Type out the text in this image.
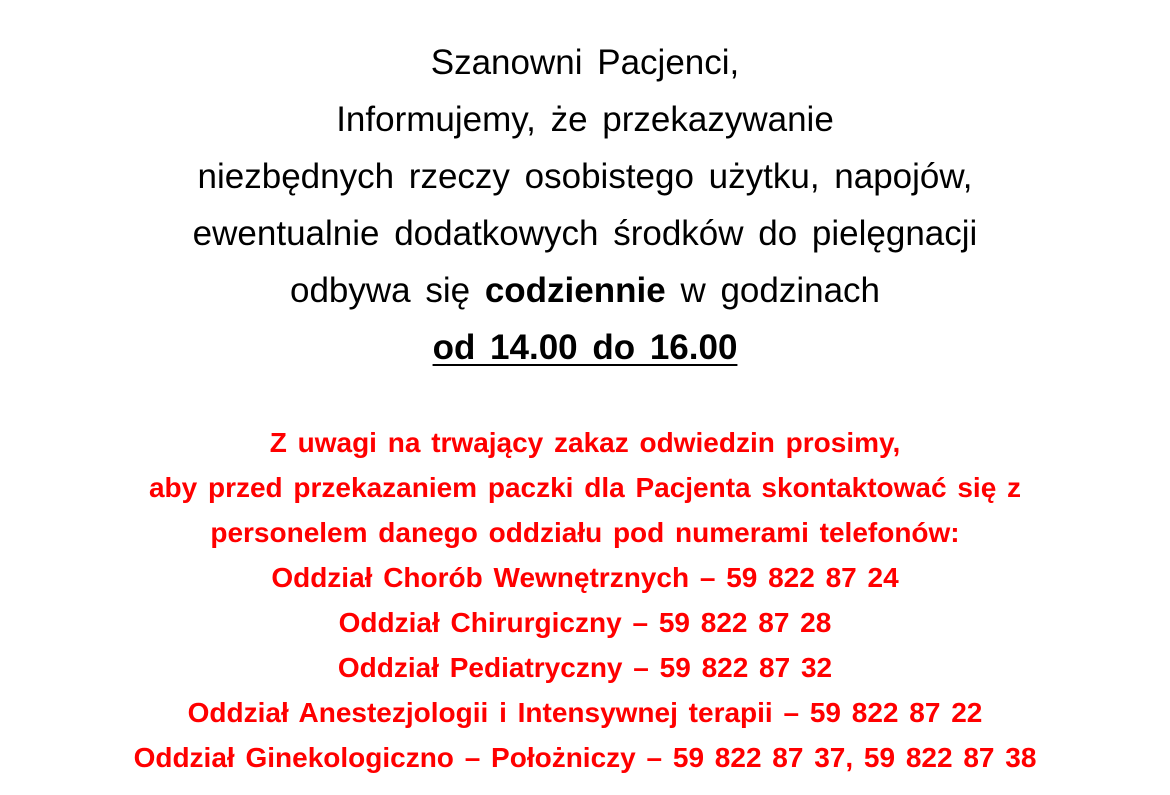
Szanowni Pacjenci,
Informujemy, że przekazywanie
niezbędnych rzeczy osobistego użytku, napojów,
ewentualnie dodatkowych środków do pielęgnacji
odbywa się codziennie w godzinach
od 14.00 do 16.00
Z uwagi na trwający zakaz odwiedzin prosimy,
aby przed przekazaniem paczki dla Pacjenta skontaktować się z
personelem danego oddziału pod numerami telefonów:
Oddział Chorób Wewnętrznych – 59 822 87 24
Oddział Chirurgiczny – 59 822 87 28
Oddział Pediatryczny – 59 822 87 32
Oddział Anestezjologii i Intensywnej terapii – 59 822 87 22
Oddział Ginekologiczno – Położniczy – 59 822 87 37, 59 822 87 38
